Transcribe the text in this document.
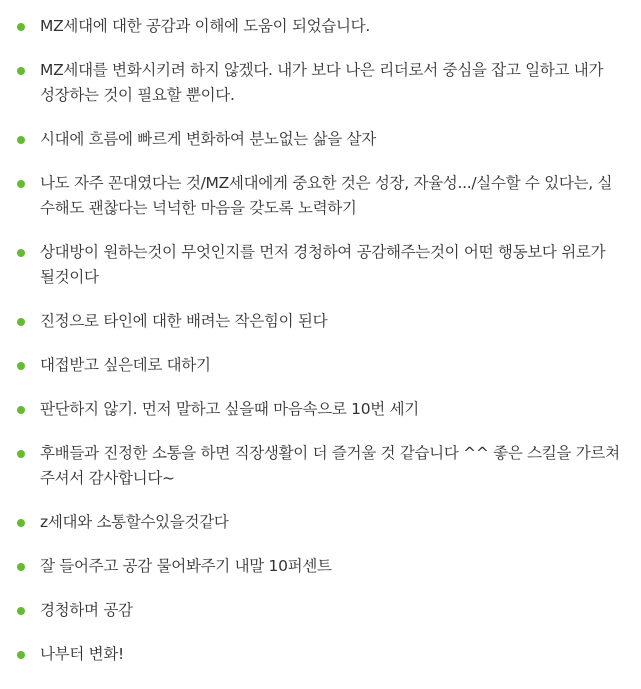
MZ세대에 대한 공감과 이해에 도움이 되었습니다.
MZ세대를 변화시키려 하지 않겠다. 내가 보다 나은 리더로서 중심을 잡고 일하고 내가 성장하는 것이 필요할 뿐이다.
시대에 흐름에 빠르게 변화하여 분노없는 삶을 살자
나도 자주 꼰대였다는 것/MZ세대에게 중요한 것은 성장, 자율성.../실수할 수 있다는, 실수해도 괜찮다는 넉넉한 마음을 갖도록 노력하기
상대방이 원하는것이 무엇인지를 먼저 경청하여 공감해주는것이 어떤 행동보다 위로가 될것이다
진정으로 타인에 대한 배려는 작은힘이 된다
대접받고 싶은데로 대하기
판단하지 않기. 먼저 말하고 싶을때 마음속으로 10번 세기
후배들과 진정한 소통을 하면 직장생활이 더 즐거울 것 같습니다 ^^ 좋은 스킬을 가르쳐 주셔서 감사합니다~
z세대와 소통할수있을것같다
잘 들어주고 공감 물어봐주기 내말 10퍼센트
경청하며 공감
나부터 변화!
